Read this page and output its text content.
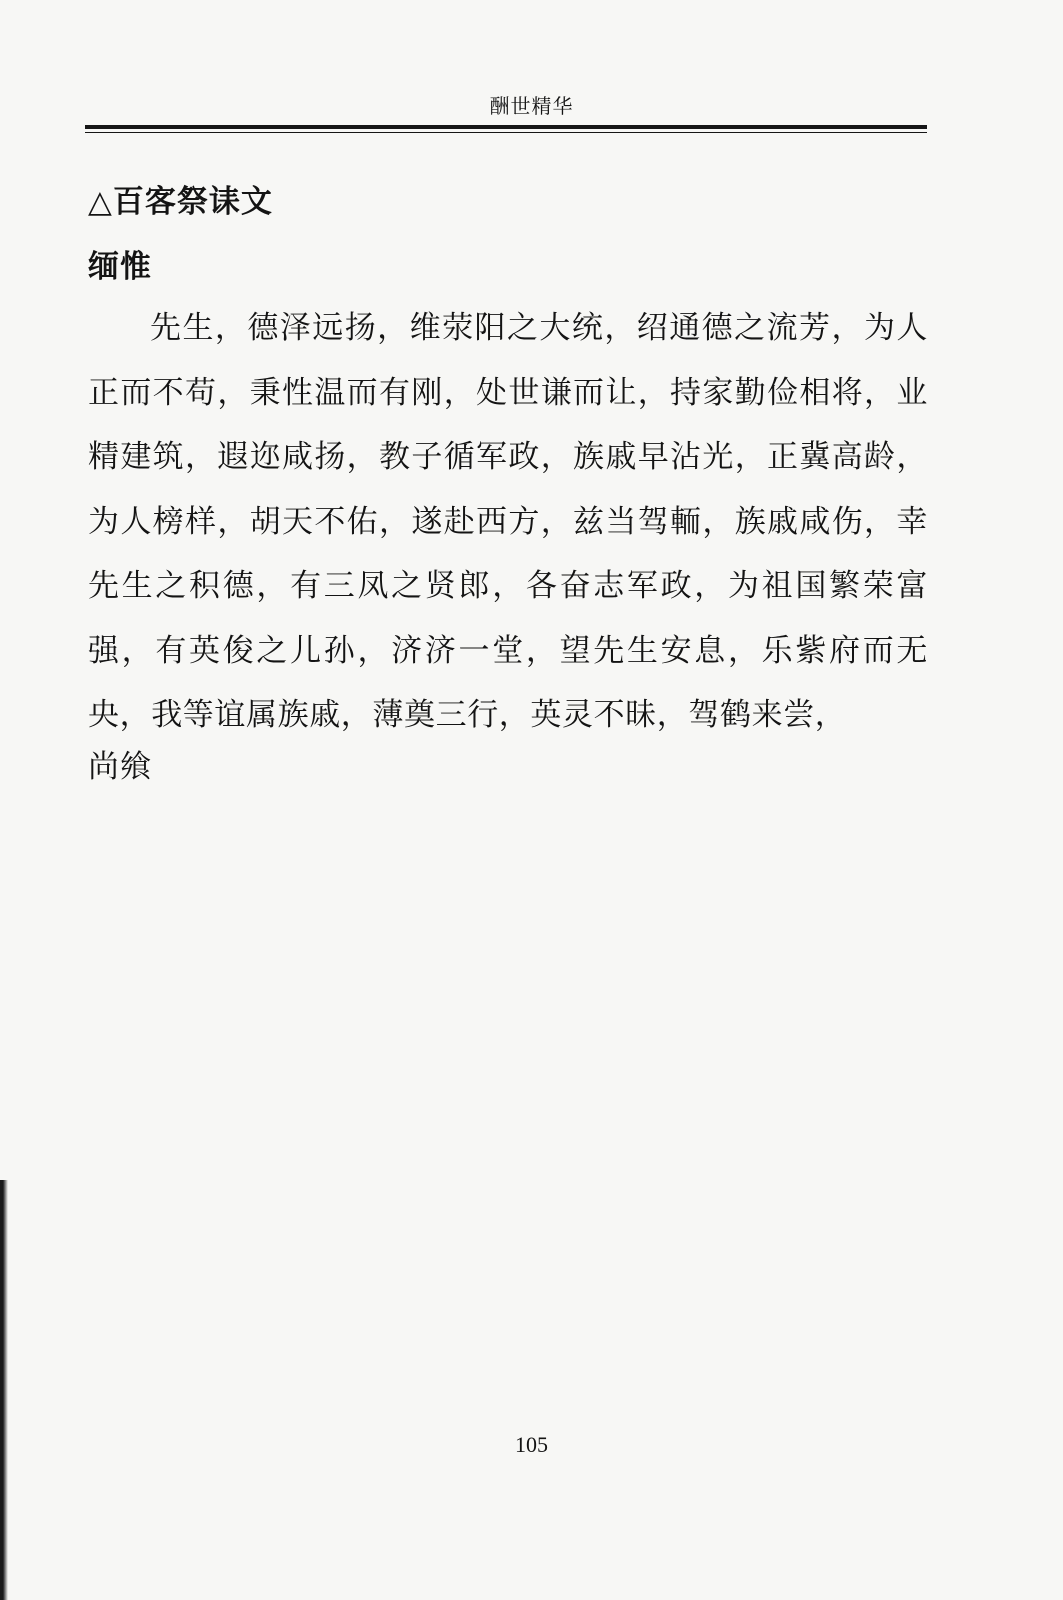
酬世精华
△百客祭诔文
缅惟

先生，德泽远扬，维荥阳之大统，绍通德之流芳，为人正而不苟，秉性温而有刚，处世谦而让，持家勤俭相将，业精建筑，遐迩咸扬，教子循军政，族戚早沾光，正冀高龄，为人榜样，胡天不佑，遂赴西方，兹当驾輀，族戚咸伤，幸先生之积德，有三凤之贤郎，各奋志军政，为祖国繁荣富强，有英俊之儿孙，济济一堂，望先生安息，乐紫府而无央，我等谊属族戚，薄奠三行，英灵不昧，驾鹤来尝，

尚飨
105
